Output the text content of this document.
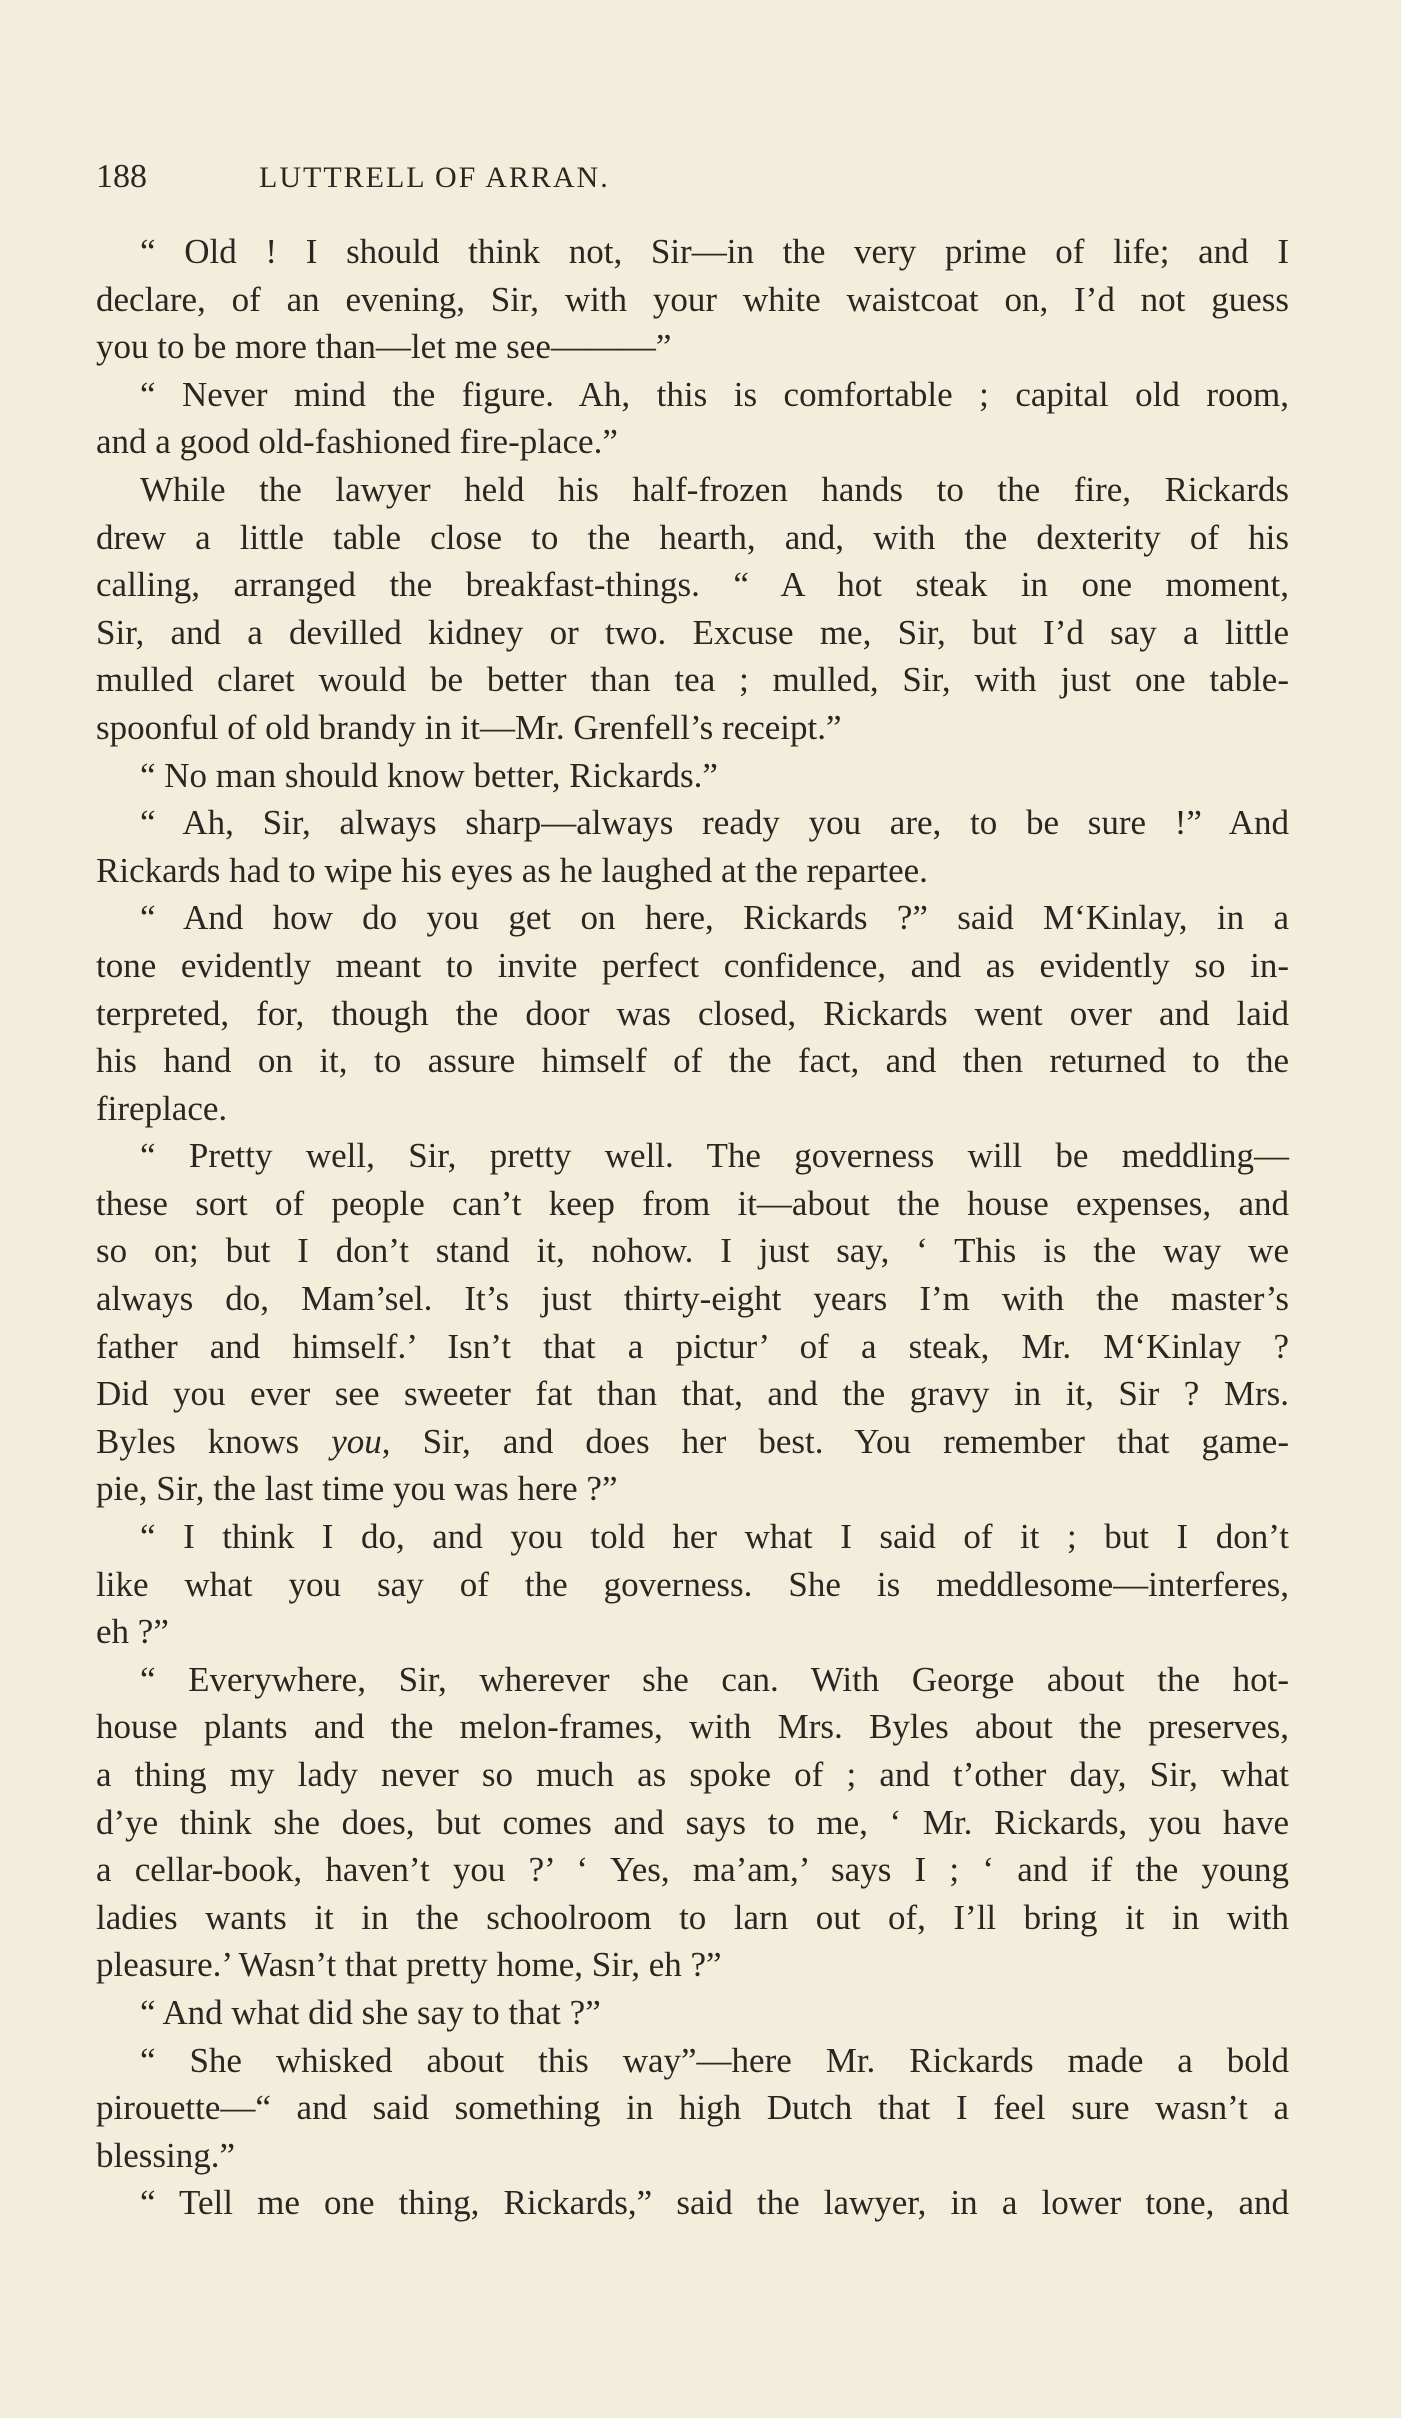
188	LUTTRELL OF ARRAN.
“ Old ! I should think not, Sir—in the very prime of life; and I
declare, of an evening, Sir, with your white waistcoat on, I’d not guess
you to be more than—let me see———”
“ Never mind the figure. Ah, this is comfortable ; capital old room,
and a good old-fashioned fire-place.”
While the lawyer held his half-frozen hands to the fire, Rickards
drew a little table close to the hearth, and, with the dexterity of his
calling, arranged the breakfast-things. “ A hot steak in one moment,
Sir, and a devilled kidney or two. Excuse me, Sir, but I’d say a little
mulled claret would be better than tea ; mulled, Sir, with just one table-
spoonful of old brandy in it—Mr. Grenfell’s receipt.”
“ No man should know better, Rickards.”
“ Ah, Sir, always sharp—always ready you are, to be sure !” And
Rickards had to wipe his eyes as he laughed at the repartee.
“ And how do you get on here, Rickards ?” said M‘Kinlay, in a
tone evidently meant to invite perfect confidence, and as evidently so in-
terpreted, for, though the door was closed, Rickards went over and laid
his hand on it, to assure himself of the fact, and then returned to the
fireplace.
“ Pretty well, Sir, pretty well. The governess will be meddling—
these sort of people can’t keep from it—about the house expenses, and
so on; but I don’t stand it, nohow. I just say, ‘ This is the way we
always do, Mam’sel. It’s just thirty-eight years I’m with the master’s
father and himself.’ Isn’t that a pictur’ of a steak, Mr. M‘Kinlay ?
Did you ever see sweeter fat than that, and the gravy in it, Sir ? Mrs.
Byles knows you, Sir, and does her best. You remember that game-
pie, Sir, the last time you was here ?”
“ I think I do, and you told her what I said of it ; but I don’t
like what you say of the governess. She is meddlesome—interferes,
eh ?”
“ Everywhere, Sir, wherever she can. With George about the hot-
house plants and the melon-frames, with Mrs. Byles about the preserves,
a thing my lady never so much as spoke of ; and t’other day, Sir, what
d’ye think she does, but comes and says to me, ‘ Mr. Rickards, you have
a cellar-book, haven’t you ?’ ‘ Yes, ma’am,’ says I ; ‘ and if the young
ladies wants it in the schoolroom to larn out of, I’ll bring it in with
pleasure.’ Wasn’t that pretty home, Sir, eh ?”
“ And what did she say to that ?”
“ She whisked about this way”—here Mr. Rickards made a bold
pirouette—“ and said something in high Dutch that I feel sure wasn’t a
blessing.”
“ Tell me one thing, Rickards,” said the lawyer, in a lower tone, and
